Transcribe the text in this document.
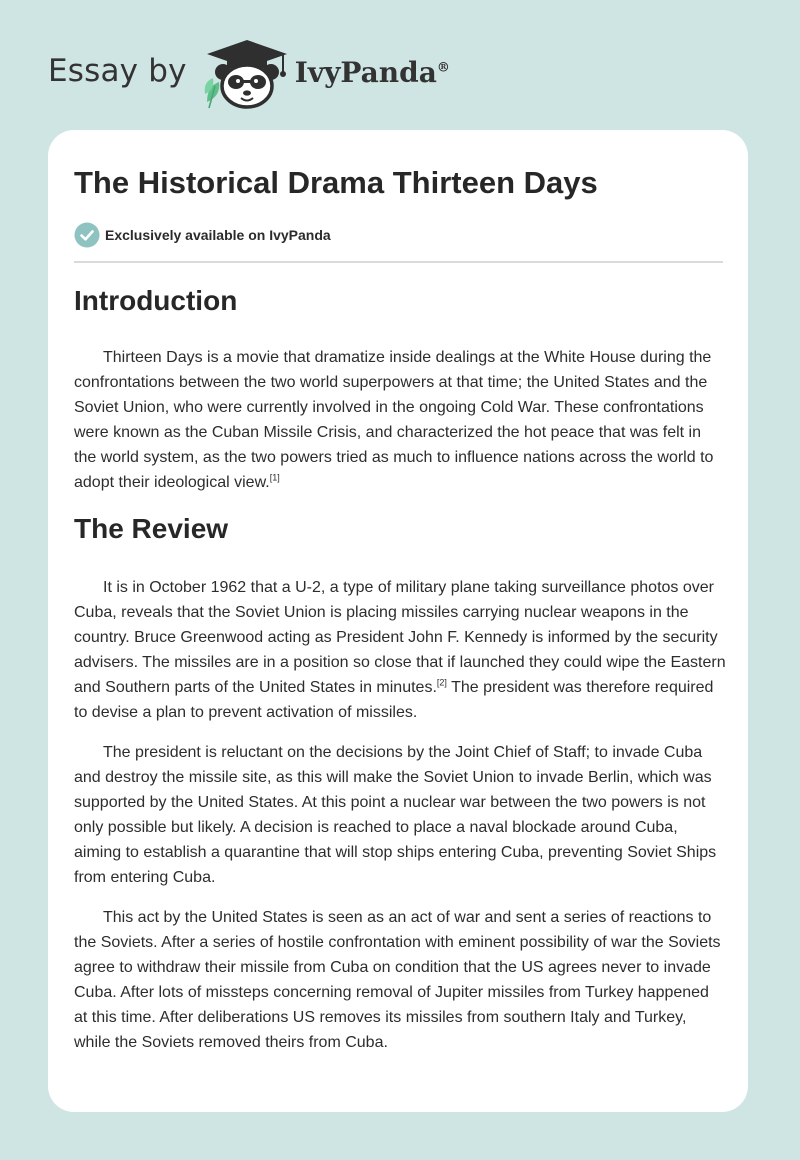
Essay by	IvyPanda®
The Historical Drama Thirteen Days
Exclusively available on IvyPanda
Introduction

Thirteen Days is a movie that dramatize inside dealings at the White House during the confrontations between the two world superpowers at that time; the United States and the Soviet Union, who were currently involved in the ongoing Cold War. These confrontations were known as the Cuban Missile Crisis, and characterized the hot peace that was felt in the world system, as the two powers tried as much to influence nations across the world to adopt their ideological view.[1]

The Review

It is in October 1962 that a U-2, a type of military plane taking surveillance photos over Cuba, reveals that the Soviet Union is placing missiles carrying nuclear weapons in the country. Bruce Greenwood acting as President John F. Kennedy is informed by the security advisers. The missiles are in a position so close that if launched they could wipe the Eastern and Southern parts of the United States in minutes.[2] The president was therefore required to devise a plan to prevent activation of missiles.

The president is reluctant on the decisions by the Joint Chief of Staff; to invade Cuba and destroy the missile site, as this will make the Soviet Union to invade Berlin, which was supported by the United States. At this point a nuclear war between the two powers is not only possible but likely. A decision is reached to place a naval blockade around Cuba, aiming to establish a quarantine that will stop ships entering Cuba, preventing Soviet Ships from entering Cuba.

This act by the United States is seen as an act of war and sent a series of reactions to the Soviets. After a series of hostile confrontation with eminent possibility of war the Soviets agree to withdraw their missile from Cuba on condition that the US agrees never to invade Cuba. After lots of missteps concerning removal of Jupiter missiles from Turkey happened at this time. After deliberations US removes its missiles from southern Italy and Turkey, while the Soviets removed theirs from Cuba.
